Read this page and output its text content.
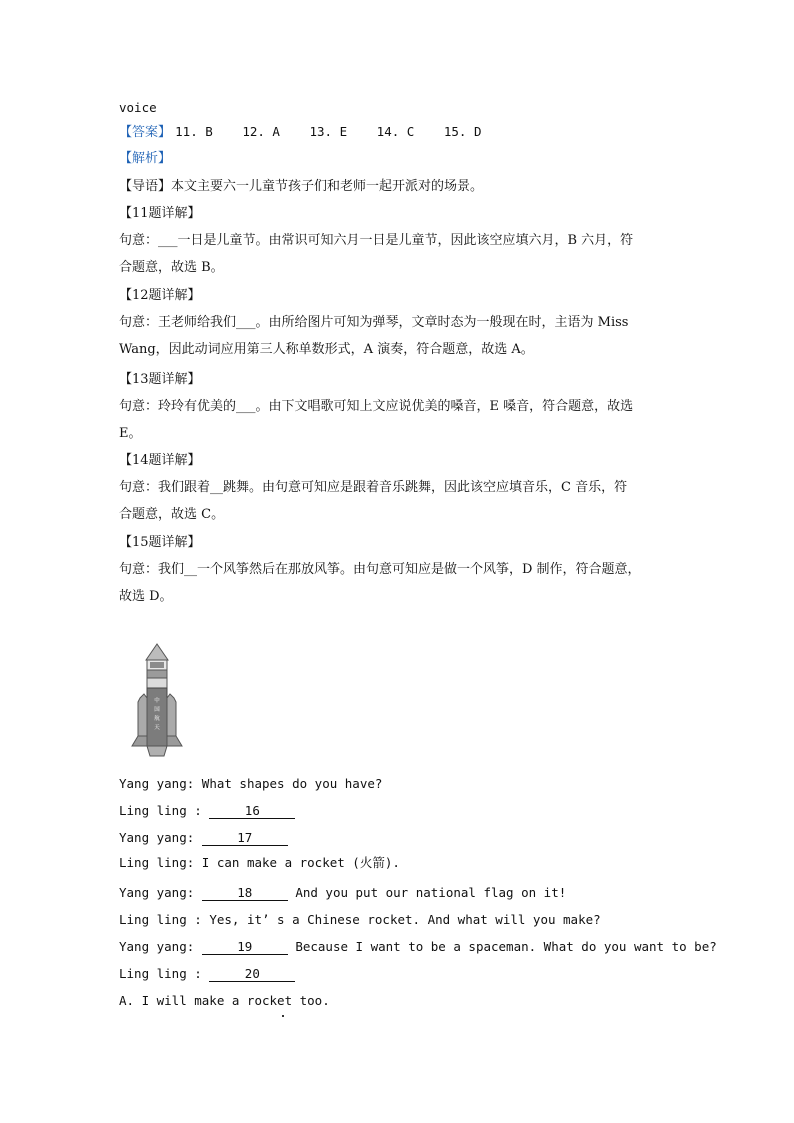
voice
【答案】 11. B 12. A 13. E 14. C 15. D
【解析】
【导语】本文主要六一儿童节孩子们和老师一起开派对的场景。
【11题详解】
句意：___一日是儿童节。由常识可知六月一日是儿童节，因此该空应填六月，B 六月，符
合题意，故选 B。
【12题详解】
句意：王老师给我们___。由所给图片可知为弹琴，文章时态为一般现在时，主语为 Miss
Wang，因此动词应用第三人称单数形式，A 演奏，符合题意，故选 A。
【13题详解】
句意：玲玲有优美的___。由下文唱歌可知上文应说优美的嗓音，E 嗓音，符合题意，故选
E。
【14题详解】
句意：我们跟着__跳舞。由句意可知应是跟着音乐跳舞，因此该空应填音乐，C 音乐，符
合题意，故选 C。
【15题详解】
句意：我们__一个风筝然后在那放风筝。由句意可知应是做一个风筝，D 制作，符合题意，
故选 D。
中国航天
Yang yang: What shapes do you have?
Ling ling :	16
Yang yang:	17
Ling ling: I can make a rocket (火箭).
Yang yang:	18	And you put our national flag on it!
Ling ling : Yes, it’ s a Chinese rocket. And what will you make?
Yang yang:	19	Because I want to be a spaceman. What do you want to be?
Ling ling :	20
A. I will make a rocket too.
